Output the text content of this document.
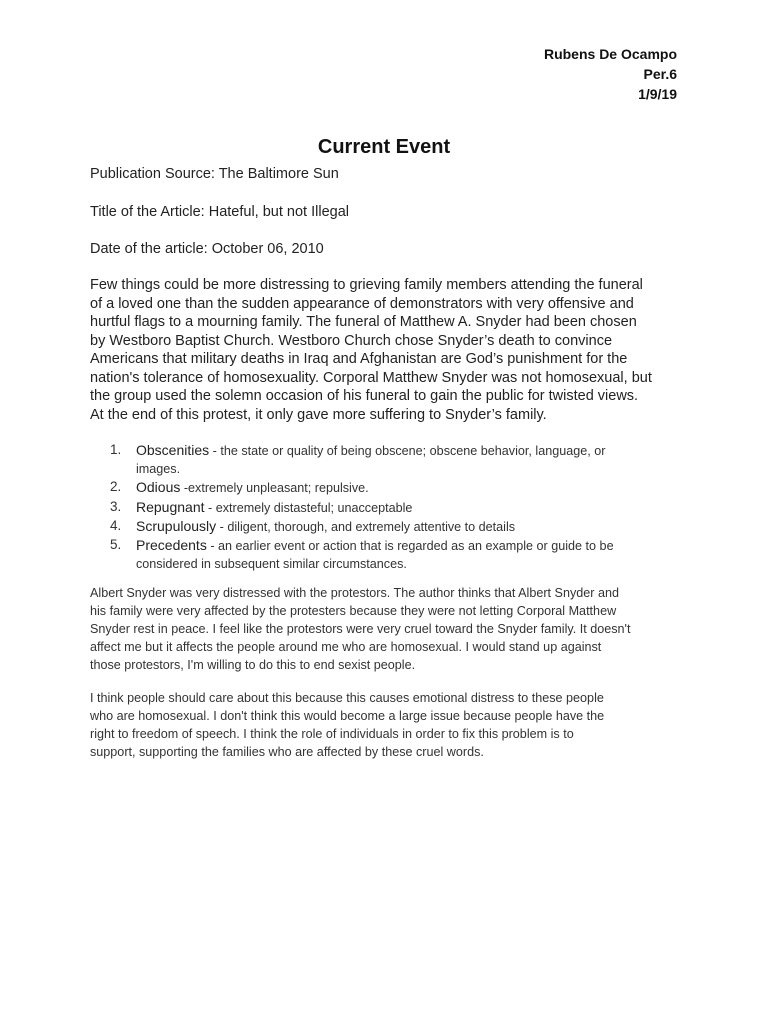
Rubens De Ocampo
Per.6
1/9/19
Current Event
Publication Source: The Baltimore Sun
Title of the Article: Hateful, but not Illegal
Date of the article: October 06, 2010
Few things could be more distressing to grieving family members attending the funeral
of a loved one than the sudden appearance of demonstrators with very offensive and
hurtful flags to a mourning family. The funeral of Matthew A. Snyder had been chosen
by Westboro Baptist Church. Westboro Church chose Snyder’s death to convince
Americans that military deaths in Iraq and Afghanistan are God’s punishment for the
nation's tolerance of homosexuality. Corporal Matthew Snyder was not homosexual, but
the group used the solemn occasion of his funeral to gain the public for twisted views.
At the end of this protest, it only gave more suffering to Snyder’s family.
1. Obscenities - the state or quality of being obscene; obscene behavior, language, or
images.
2. Odious -extremely unpleasant; repulsive.
3. Repugnant - extremely distasteful; unacceptable
4. Scrupulously - diligent, thorough, and extremely attentive to details
5. Precedents - an earlier event or action that is regarded as an example or guide to be
considered in subsequent similar circumstances.
Albert Snyder was very distressed with the protestors. The author thinks that Albert Snyder and
his family were very affected by the protesters because they were not letting Corporal Matthew
Snyder rest in peace. I feel like the protestors were very cruel toward the Snyder family. It doesn't
affect me but it affects the people around me who are homosexual. I would stand up against
those protestors, I'm willing to do this to end sexist people.
I think people should care about this because this causes emotional distress to these people
who are homosexual. I don't think this would become a large issue because people have the
right to freedom of speech. I think the role of individuals in order to fix this problem is to
support, supporting the families who are affected by these cruel words.
